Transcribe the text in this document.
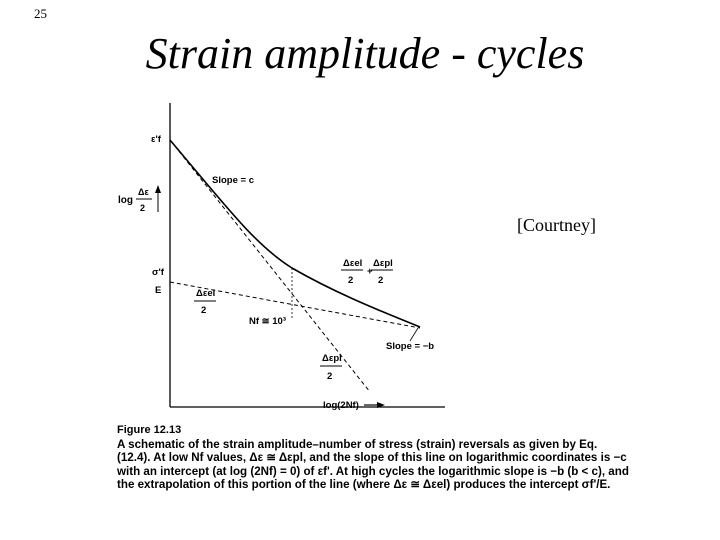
25
Strain amplitude - cycles
log
Δε
2
ε'f
σ'f
E
Slope = c
Slope = −b
Δεel
2
Nf ≅ 10³
Δεpl
2
Δεel
2
+
Δεpl
2
log(2Nf)
[Courtney]
Figure 12.13
A schematic of the strain amplitude–number of stress (strain) reversals as given by Eq. (12.4). At low Nf values, Δε ≅ Δεpl, and the slope of this line on logarithmic coordinates is −c with an intercept (at log (2Nf) = 0) of εf'. At high cycles the logarithmic slope is −b (b < c), and the extrapolation of this portion of the line (where Δε ≅ Δεel) produces the intercept σf'/E.
